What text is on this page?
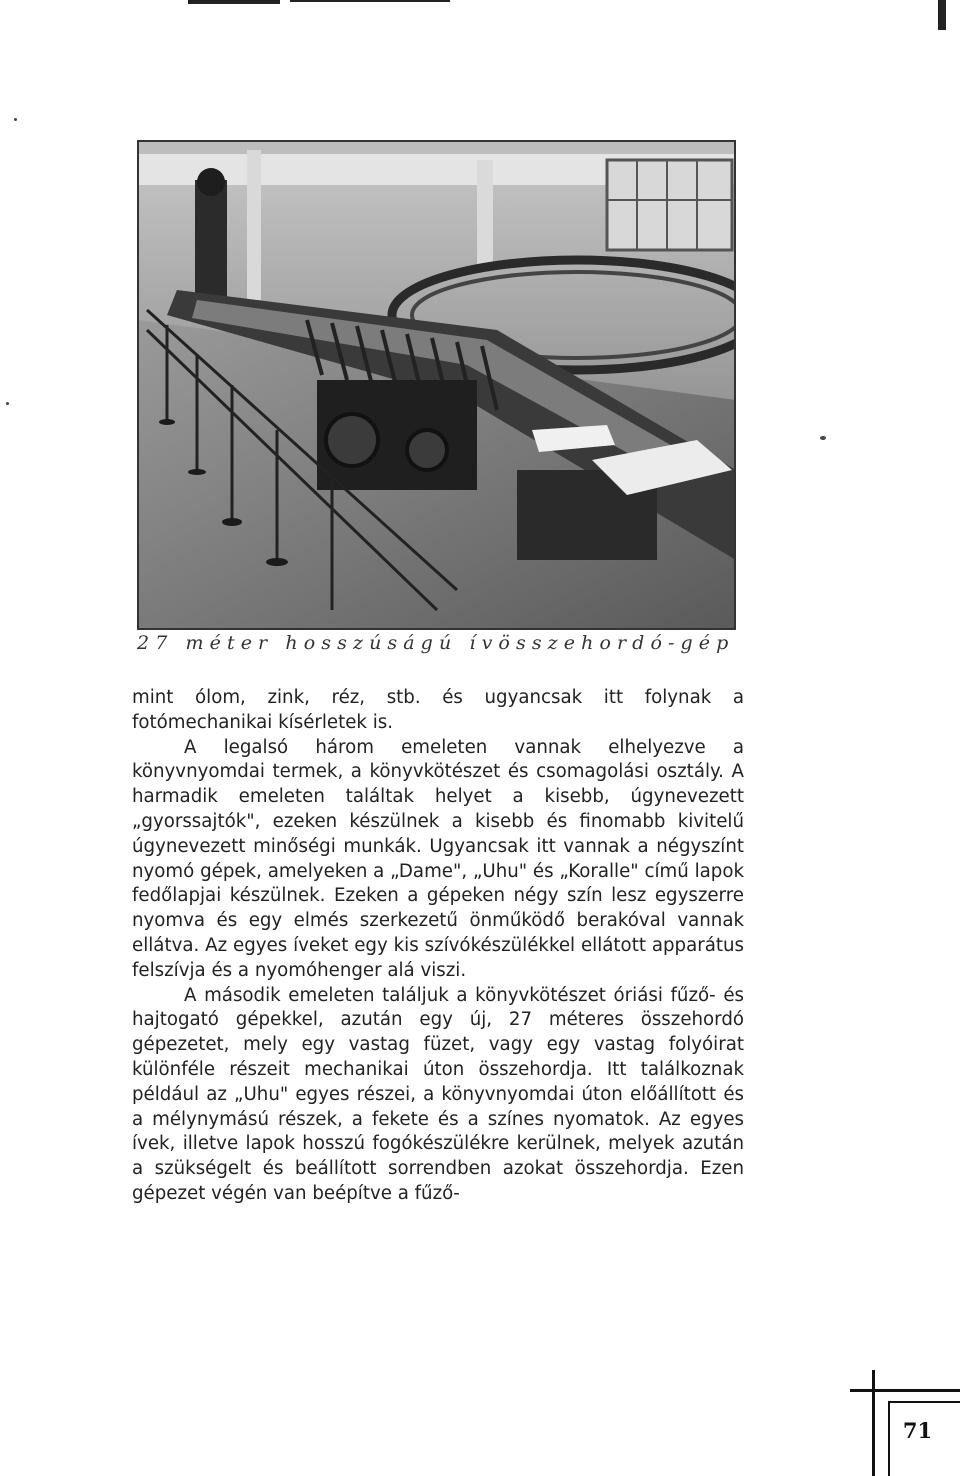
27 méter hosszúságú ívösszehordó-gép

mint ólom, zink, réz, stb. és ugyancsak itt folynak a fotómechanikai kísérletek is.

A legalsó három emeleten vannak elhelyezve a könyvnyomdai termek, a könyvkötészet és csomagolási osztály. A harmadik emeleten találtak helyet a kisebb, úgynevezett „gyorssajtók", ezeken készülnek a kisebb és finomabb kivitelű úgynevezett minőségi munkák. Ugyancsak itt vannak a négyszínt nyomó gépek, amelyeken a „Dame", „Uhu" és „Koralle" című lapok fedőlapjai készülnek. Ezeken a gépeken négy szín lesz egyszerre nyomva és egy elmés szerkezetű önműködő berakóval vannak ellátva. Az egyes íveket egy kis szívókészülékkel ellátott apparátus felszívja és a nyomóhenger alá viszi.

A második emeleten találjuk a könyvkötészet óriási fűző- és hajtogató gépekkel, azután egy új, 27 méteres összehordó gépezetet, mely egy vastag füzet, vagy egy vastag folyóirat különféle részeit mechanikai úton összehordja. Itt találkoznak például az „Uhu" egyes részei, a könyvnyomdai úton előállított és a mélynymású részek, a fekete és a színes nyomatok. Az egyes ívek, illetve lapok hosszú fogókészülékre kerülnek, melyek azután a szükségelt és beállított sorrendben azokat összehordja. Ezen gépezet végén van beépítve a fűző-

71
